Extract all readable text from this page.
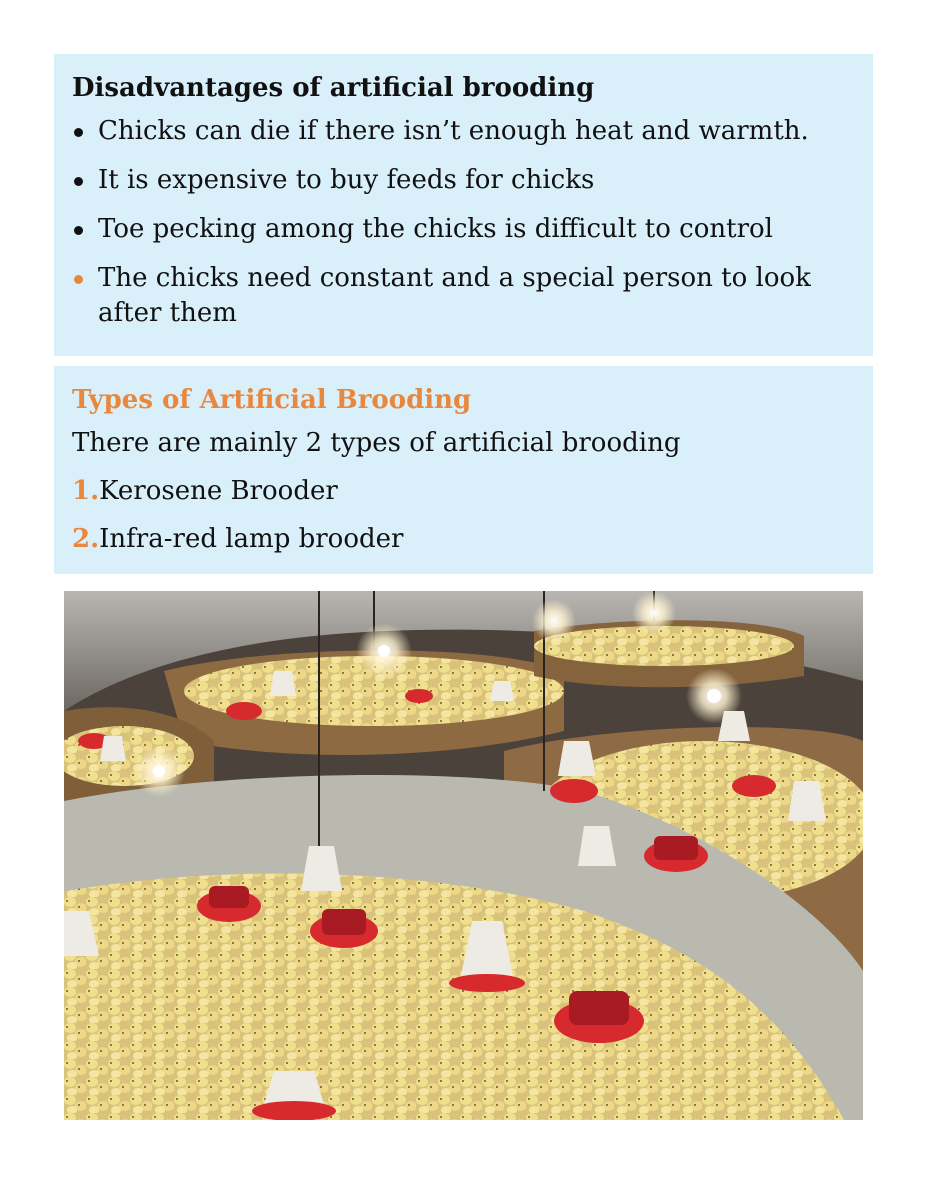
Disadvantages of artificial brooding
Chicks can die if there isn’t enough heat and warmth.
It is expensive to buy feeds for chicks
Toe pecking among the chicks is difficult to control
The chicks need constant and a special person to look after them
Types of Artificial Brooding

There are mainly 2 types of artificial brooding

1.Kerosene Brooder
2.Infra-red lamp brooder
